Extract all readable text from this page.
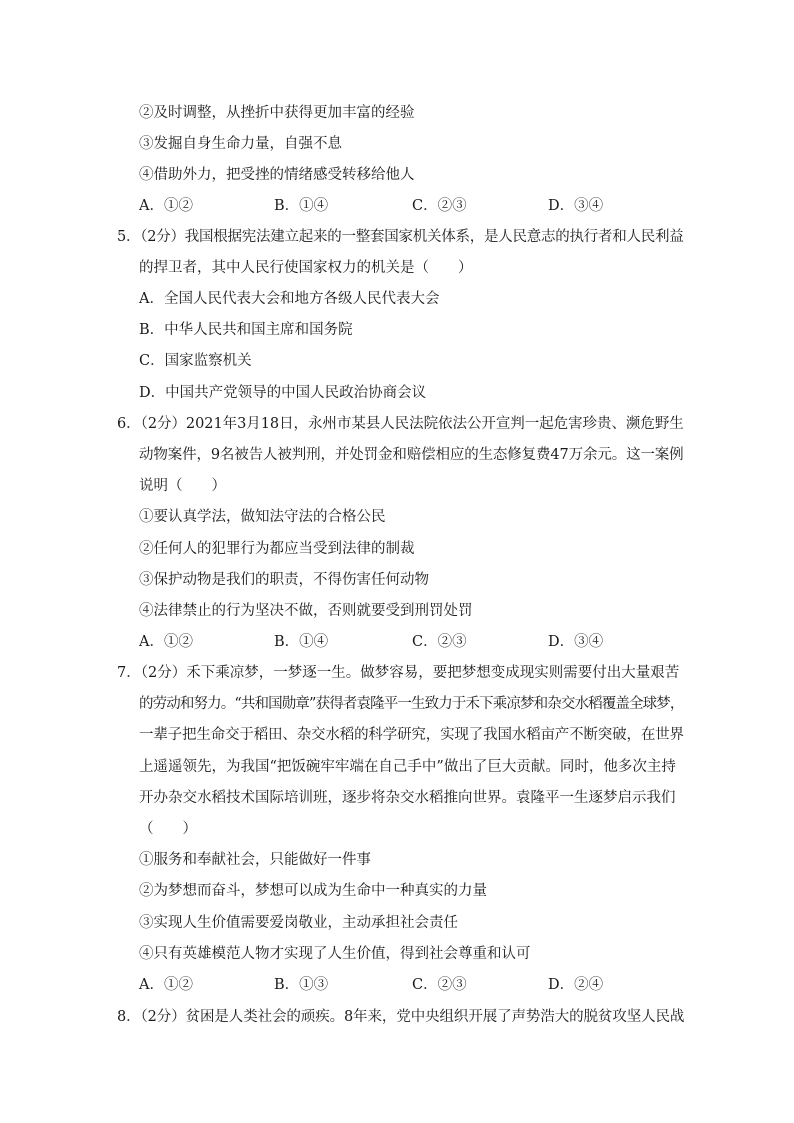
②及时调整，从挫折中获得更加丰富的经验
③发掘自身生命力量，自强不息
④借助外力，把受挫的情绪感受转移给他人
A．①②	B．①④	C．②③	D．③④
5．（2分）我国根据宪法建立起来的一整套国家机关体系，是人民意志的执行者和人民利益
的捍卫者，其中人民行使国家权力的机关是（　　）
A．全国人民代表大会和地方各级人民代表大会
B．中华人民共和国主席和国务院
C．国家监察机关
D．中国共产党领导的中国人民政治协商会议
6．（2分）2021年3月18日，永州市某县人民法院依法公开宣判一起危害珍贵、濒危野生
动物案件，9名被告人被判刑，并处罚金和赔偿相应的生态修复费47万余元。这一案例
说明（　　）
①要认真学法，做知法守法的合格公民
②任何人的犯罪行为都应当受到法律的制裁
③保护动物是我们的职责，不得伤害任何动物
④法律禁止的行为坚决不做，否则就要受到刑罚处罚
A．①②	B．①④	C．②③	D．③④
7．（2分）禾下乘凉梦，一梦逐一生。做梦容易，要把梦想变成现实则需要付出大量艰苦
的劳动和努力。“共和国勋章”获得者袁隆平一生致力于禾下乘凉梦和杂交水稻覆盖全球梦，
一辈子把生命交于稻田、杂交水稻的科学研究，实现了我国水稻亩产不断突破，在世界
上遥遥领先，为我国“把饭碗牢牢端在自己手中”做出了巨大贡献。同时，他多次主持
开办杂交水稻技术国际培训班，逐步将杂交水稻推向世界。袁隆平一生逐梦启示我们
（　　）
①服务和奉献社会，只能做好一件事
②为梦想而奋斗，梦想可以成为生命中一种真实的力量
③实现人生价值需要爱岗敬业，主动承担社会责任
④只有英雄模范人物才实现了人生价值，得到社会尊重和认可
A．①②	B．①③	C．②③	D．②④
8．（2分）贫困是人类社会的顽疾。8年来，党中央组织开展了声势浩大的脱贫攻坚人民战
